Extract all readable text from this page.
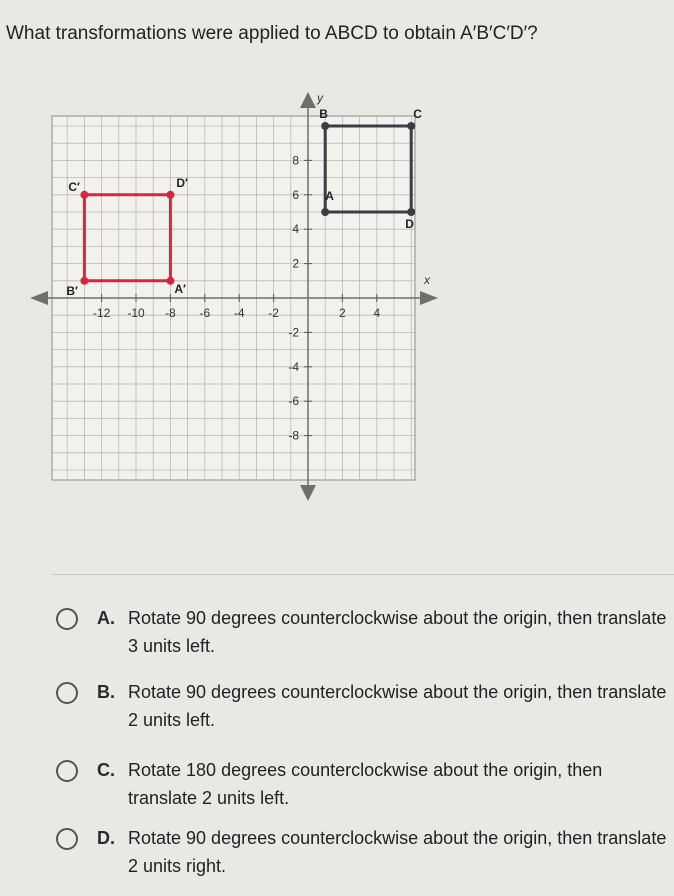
What transformations were applied to ABCD to obtain A′B′C′D′?
x
y
-12 -10 -8 -6 -4 -2	2 4
8
6
4
2
-2
-4
-6
-8
A
B	C
D
A′
B′
C′	D′
A. Rotate 90 degrees counterclockwise about the origin, then translate 3 units left.
B. Rotate 90 degrees counterclockwise about the origin, then translate 2 units left.
C. Rotate 180 degrees counterclockwise about the origin, then translate 2 units left.
D. Rotate 90 degrees counterclockwise about the origin, then translate 2 units right.
